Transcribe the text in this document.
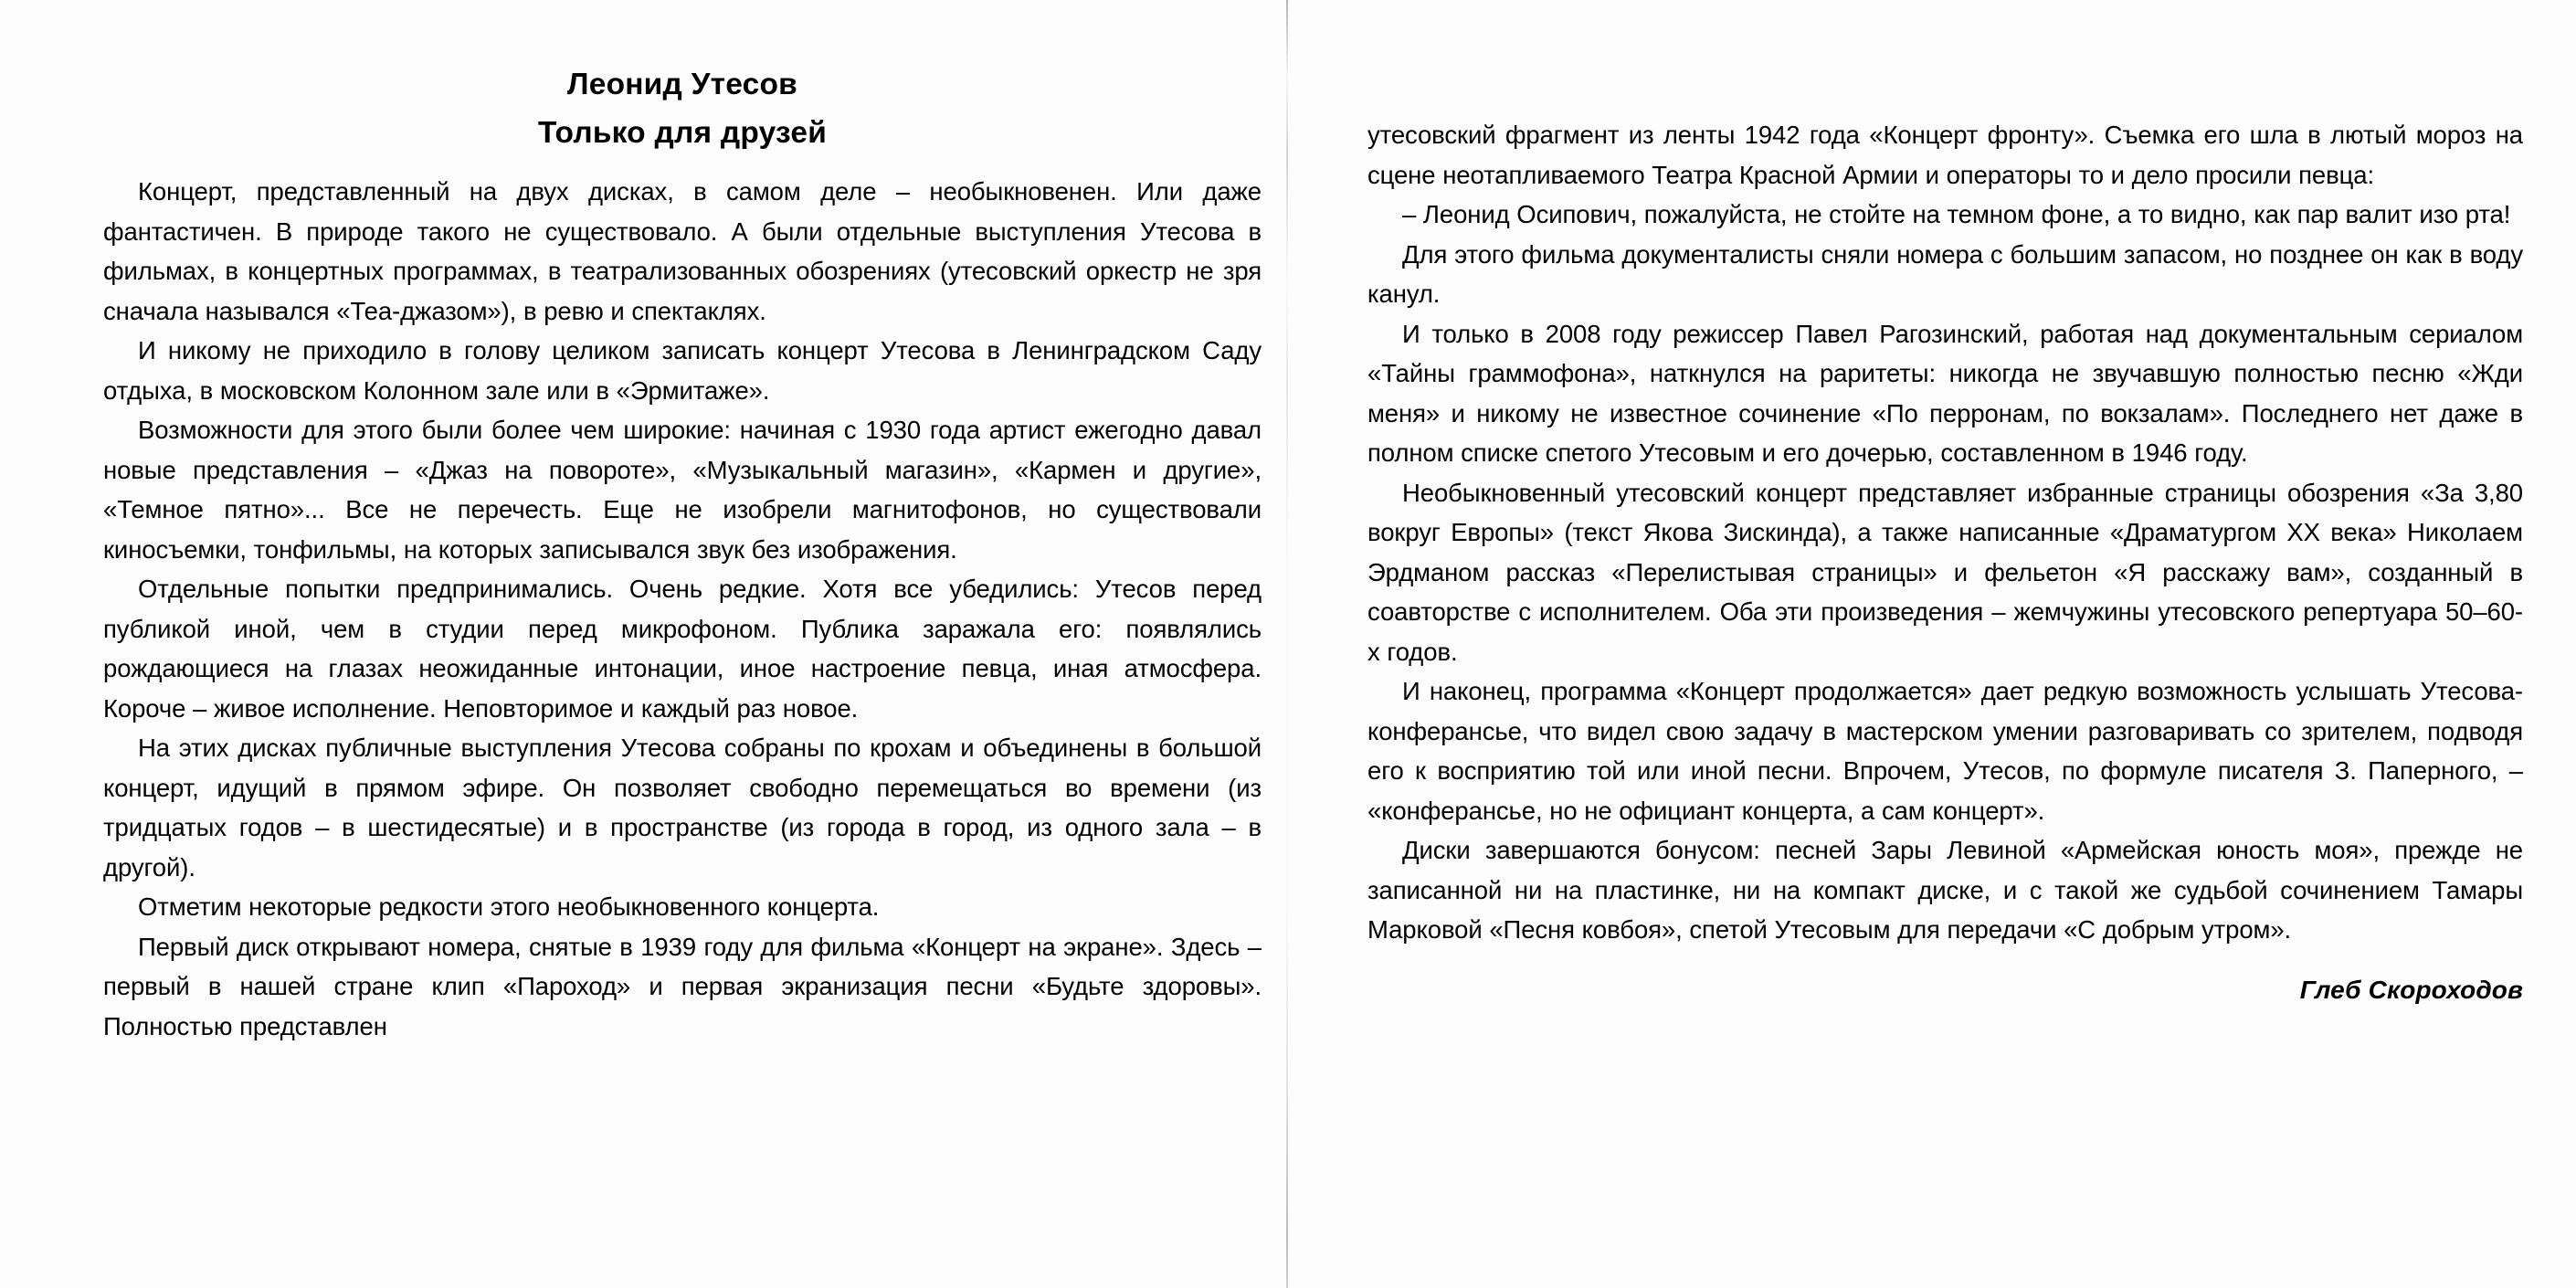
Леонид Утесов
Только для друзей

Концерт, представленный на двух дисках, в самом деле – необыкновенен. Или даже фантастичен. В природе такого не существовало. А были отдельные выступления Утесова в фильмах, в концертных программах, в театрализованных обозрениях (утесовский оркестр не зря сначала назывался «Теа-джазом»), в ревю и спектаклях.

И никому не приходило в голову целиком записать концерт Утесова в Ленинградском Саду отдыха, в московском Колонном зале или в «Эрмитаже».

Возможности для этого были более чем широкие: начиная с 1930 года артист ежегодно давал новые представления – «Джаз на повороте», «Музыкальный магазин», «Кармен и другие», «Темное пятно»... Все не перечесть. Еще не изобрели магнитофонов, но существовали киносъемки, тонфильмы, на которых записывался звук без изображения.

Отдельные попытки предпринимались. Очень редкие. Хотя все убедились: Утесов перед публикой иной, чем в студии перед микрофоном. Публика заражала его: появлялись рождающиеся на глазах неожиданные интонации, иное настроение певца, иная атмосфера. Короче – живое исполнение. Неповторимое и каждый раз новое.

На этих дисках публичные выступления Утесова собраны по крохам и объединены в большой концерт, идущий в прямом эфире. Он позволяет свободно перемещаться во времени (из тридцатых годов – в шестидесятые) и в пространстве (из города в город, из одного зала – в другой).

Отметим некоторые редкости этого необыкновенного концерта.

Первый диск открывают номера, снятые в 1939 году для фильма «Концерт на экране». Здесь – первый в нашей стране клип «Пароход» и первая экранизация песни «Будьте здоровы». Полностью представлен

утесовский фрагмент из ленты 1942 года «Концерт фронту». Съемка его шла в лютый мороз на сцене неотапливаемого Театра Красной Армии и операторы то и дело просили певца:

– Леонид Осипович, пожалуйста, не стойте на темном фоне, а то видно, как пар валит изо рта!

Для этого фильма документалисты сняли номера с большим запасом, но позднее он как в воду канул.

И только в 2008 году режиссер Павел Рагозинский, работая над документальным сериалом «Тайны граммофона», наткнулся на раритеты: никогда не звучавшую полностью песню «Жди меня» и никому не известное сочинение «По перронам, по вокзалам». Последнего нет даже в полном списке спетого Утесовым и его дочерью, составленном в 1946 году.

Необыкновенный утесовский концерт представляет избранные страницы обозрения «За 3,80 вокруг Европы» (текст Якова Зискинда), а также написанные «Драматургом XX века» Николаем Эрдманом рассказ «Перелистывая страницы» и фельетон «Я расскажу вам», созданный в соавторстве с исполнителем. Оба эти произведения – жемчужины утесовского репертуара 50–60-х годов.

И наконец, программа «Концерт продолжается» дает редкую возможность услышать Утесова-конферансье, что видел свою задачу в мастерском умении разговаривать со зрителем, подводя его к восприятию той или иной песни. Впрочем, Утесов, по формуле писателя З. Паперного, – «конферансье, но не официант концерта, а сам концерт».

Диски завершаются бонусом: песней Зары Левиной «Армейская юность моя», прежде не записанной ни на пластинке, ни на компакт диске, и с такой же судьбой сочинением Тамары Марковой «Песня ковбоя», спетой Утесовым для передачи «С добрым утром».

Глеб Скороходов
